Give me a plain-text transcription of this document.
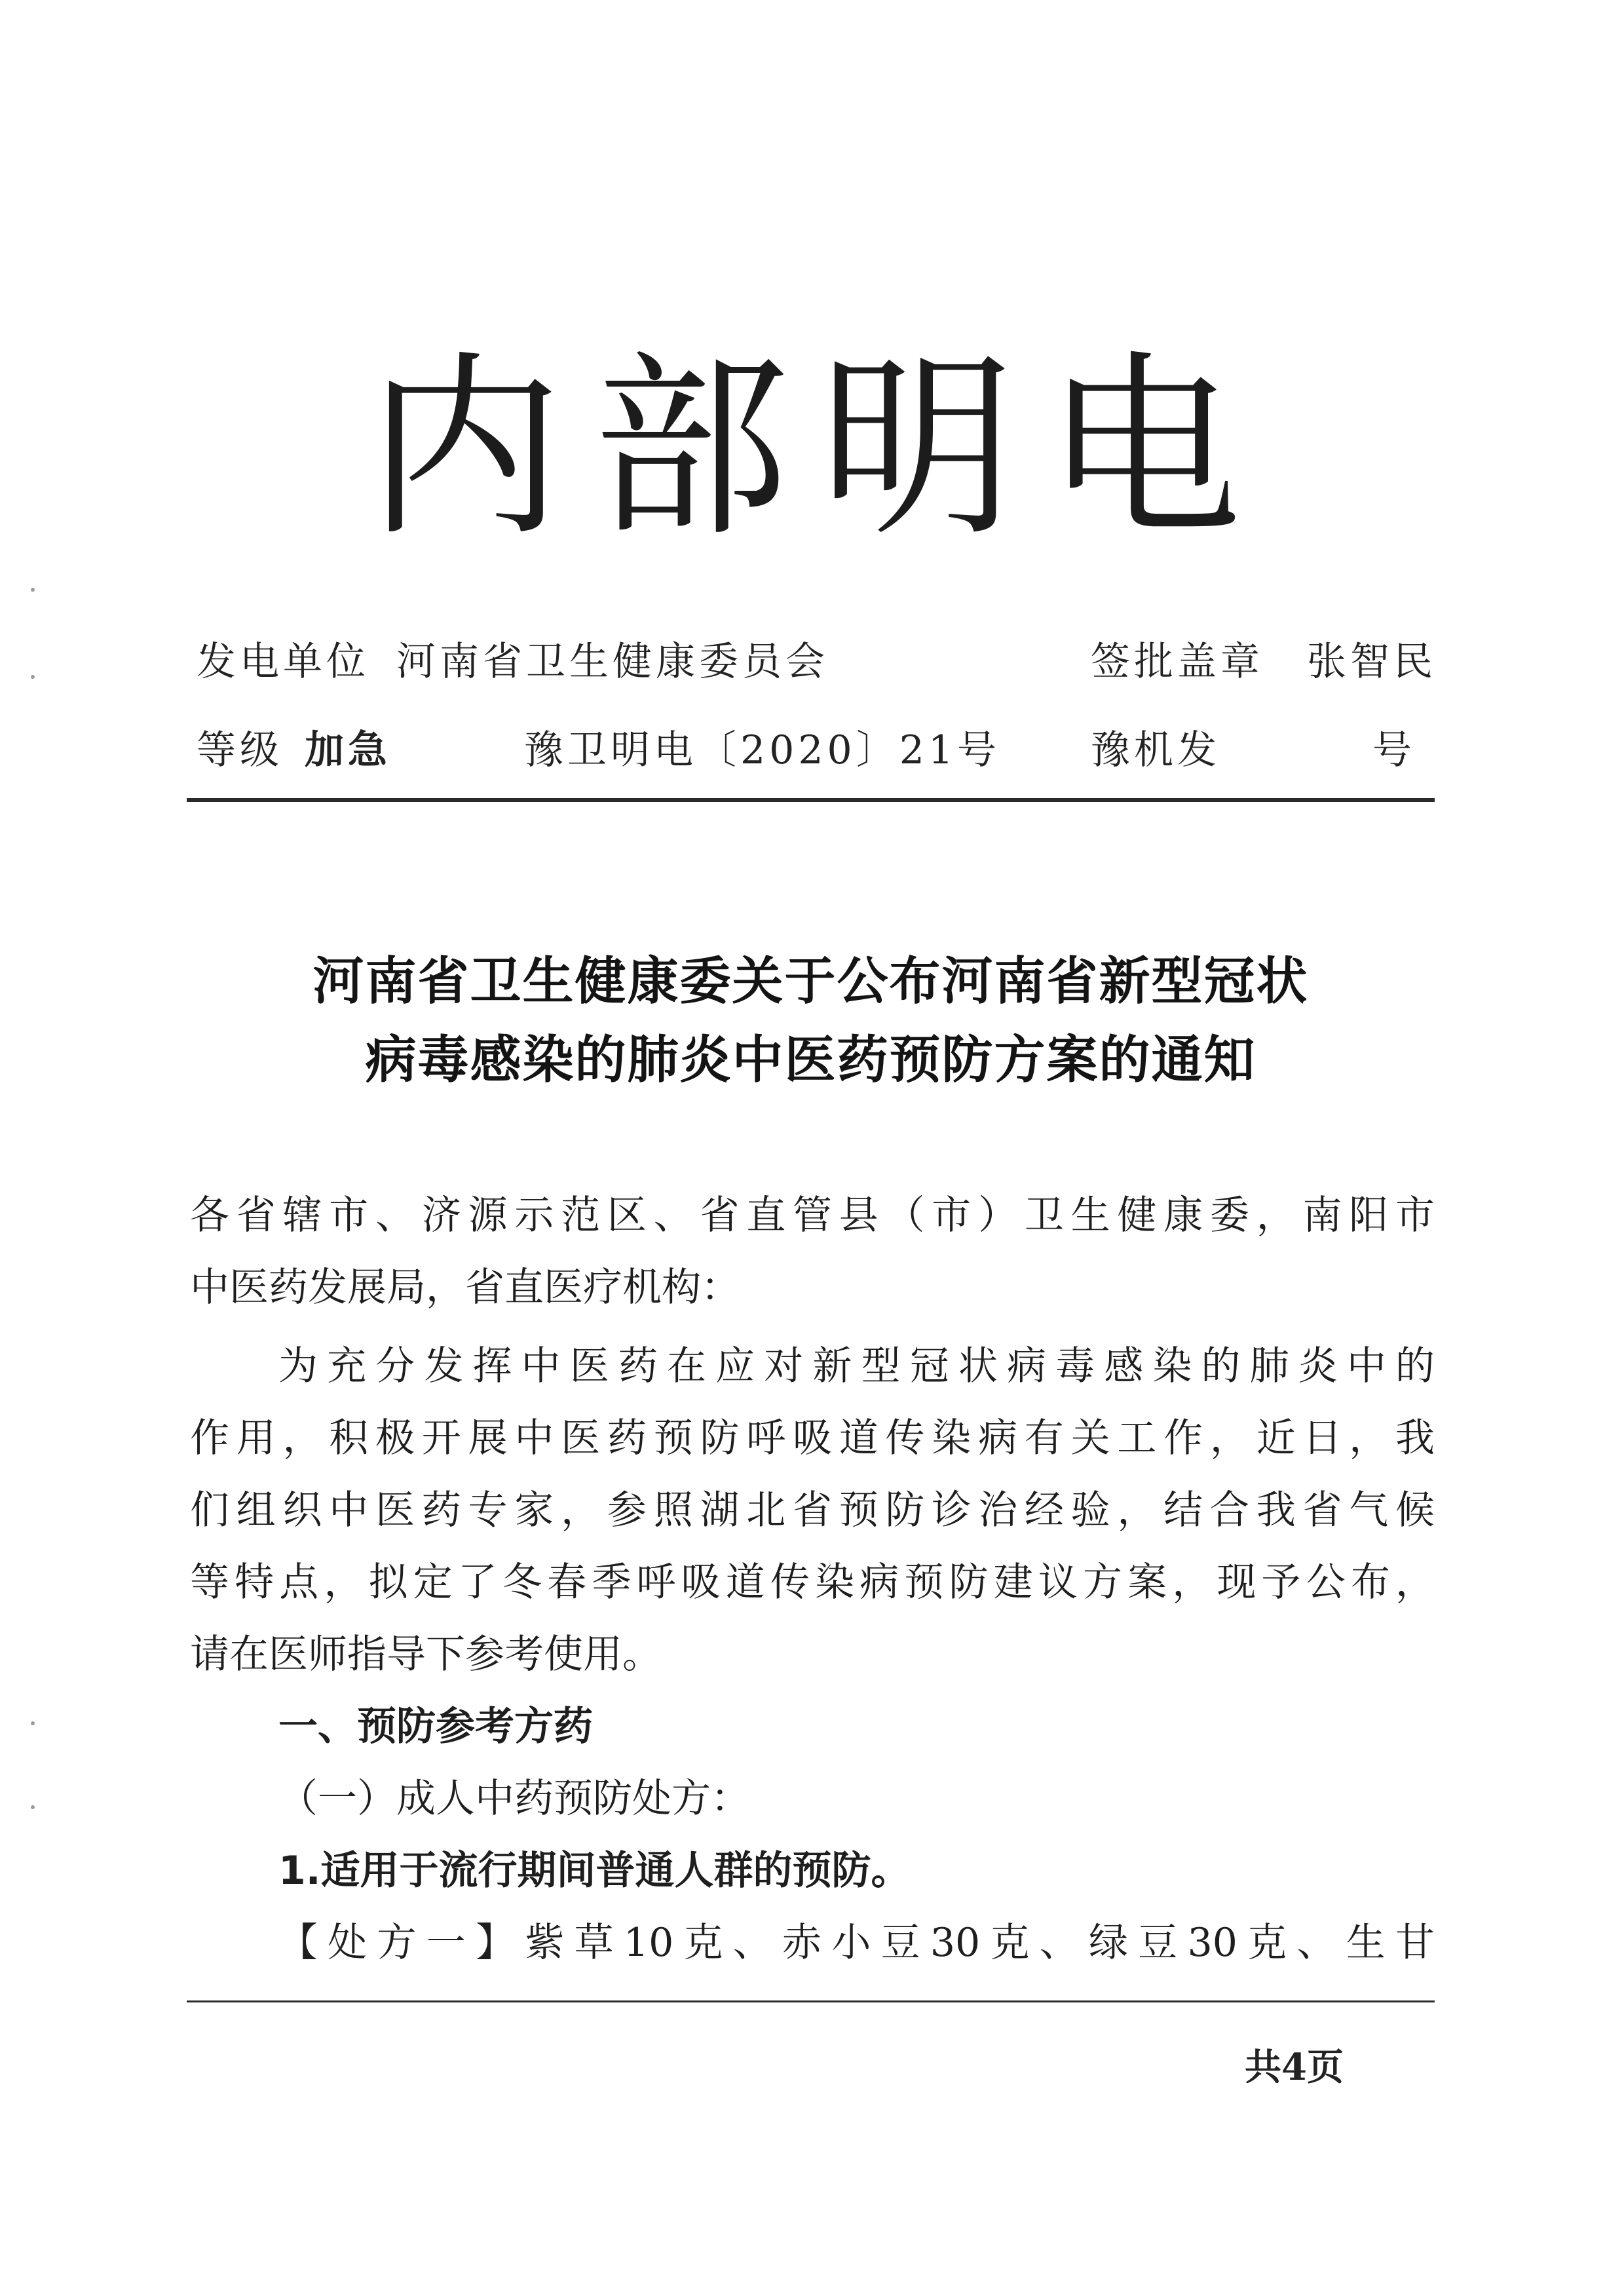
内部明电
发电单位 河南省卫生健康委员会	签批盖章 张智民
等级 加急	豫卫明电〔2020〕21号 豫机发	号
河南省卫生健康委关于公布河南省新型冠状
病毒感染的肺炎中医药预防方案的通知
各省辖市、济源示范区、省直管县（市）卫生健康委，南阳市
中医药发展局，省直医疗机构：
为充分发挥中医药在应对新型冠状病毒感染的肺炎中的
作用，积极开展中医药预防呼吸道传染病有关工作，近日，我
们组织中医药专家，参照湖北省预防诊治经验，结合我省气候
等特点，拟定了冬春季呼吸道传染病预防建议方案，现予公布，
请在医师指导下参考使用。
一、预防参考方药
（一）成人中药预防处方：
1.适用于流行期间普通人群的预防。
【处方一】紫草10克、赤小豆30克、绿豆30克、生甘
共4页
